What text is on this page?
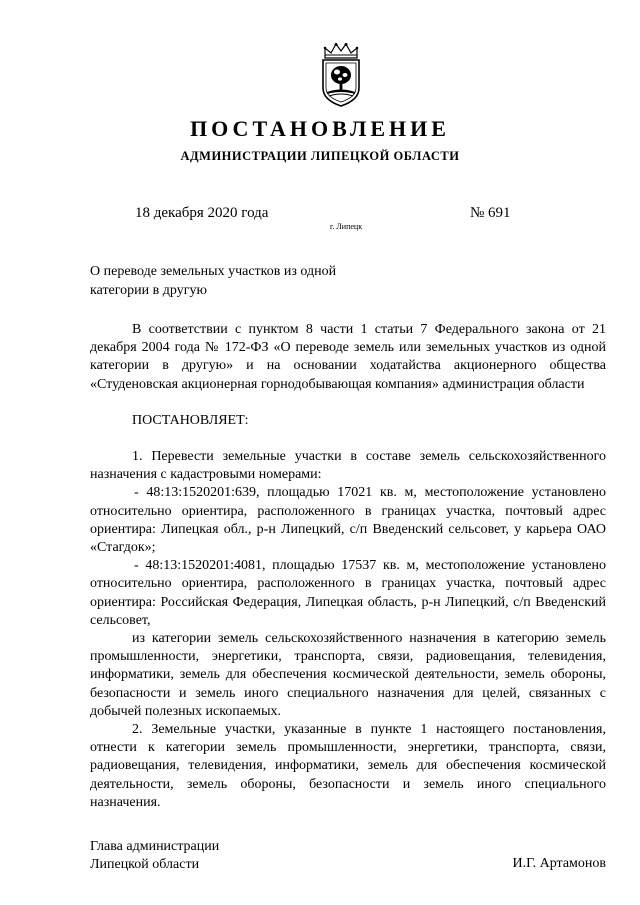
ПОСТАНОВЛЕНИЕ
АДМИНИСТРАЦИИ ЛИПЕЦКОЙ ОБЛАСТИ
18 декабря 2020 года
г. Липецк
№ 691
О переводе земельных участков из одной
категории в другую

В соответствии с пунктом 8 части 1 статьи 7 Федерального закона от 21 декабря 2004 года № 172-ФЗ «О переводе земель или земельных участков из одной категории в другую» и на основании ходатайства акционерного общества «Студеновская акционерная горнодобывающая компания» администрация области

ПОСТАНОВЛЯЕТ:

1. Перевести земельные участки в составе земель сельскохозяйственного назначения с кадастровыми номерами:

- 48:13:1520201:639, площадью 17021 кв. м, местоположение установлено относительно ориентира, расположенного в границах участка, почтовый адрес ориентира: Липецкая обл., р-н Липецкий, с/п Введенский сельсовет, у карьера ОАО «Стагдок»;

- 48:13:1520201:4081, площадью 17537 кв. м, местоположение установлено относительно ориентира, расположенного в границах участка, почтовый адрес ориентира: Российская Федерация, Липецкая область, р-н Липецкий, с/п Введенский сельсовет,

из категории земель сельскохозяйственного назначения в категорию земель промышленности, энергетики, транспорта, связи, радиовещания, телевидения, информатики, земель для обеспечения космической деятельности, земель обороны, безопасности и земель иного специального назначения для целей, связанных с добычей полезных ископаемых.

2. Земельные участки, указанные в пункте 1 настоящего постановления, отнести к категории земель промышленности, энергетики, транспорта, связи, радиовещания, телевидения, информатики, земель для обеспечения космической деятельности, земель обороны, безопасности и земель иного специального назначения.

Глава администрации
Липецкой области	И.Г. Артамонов
